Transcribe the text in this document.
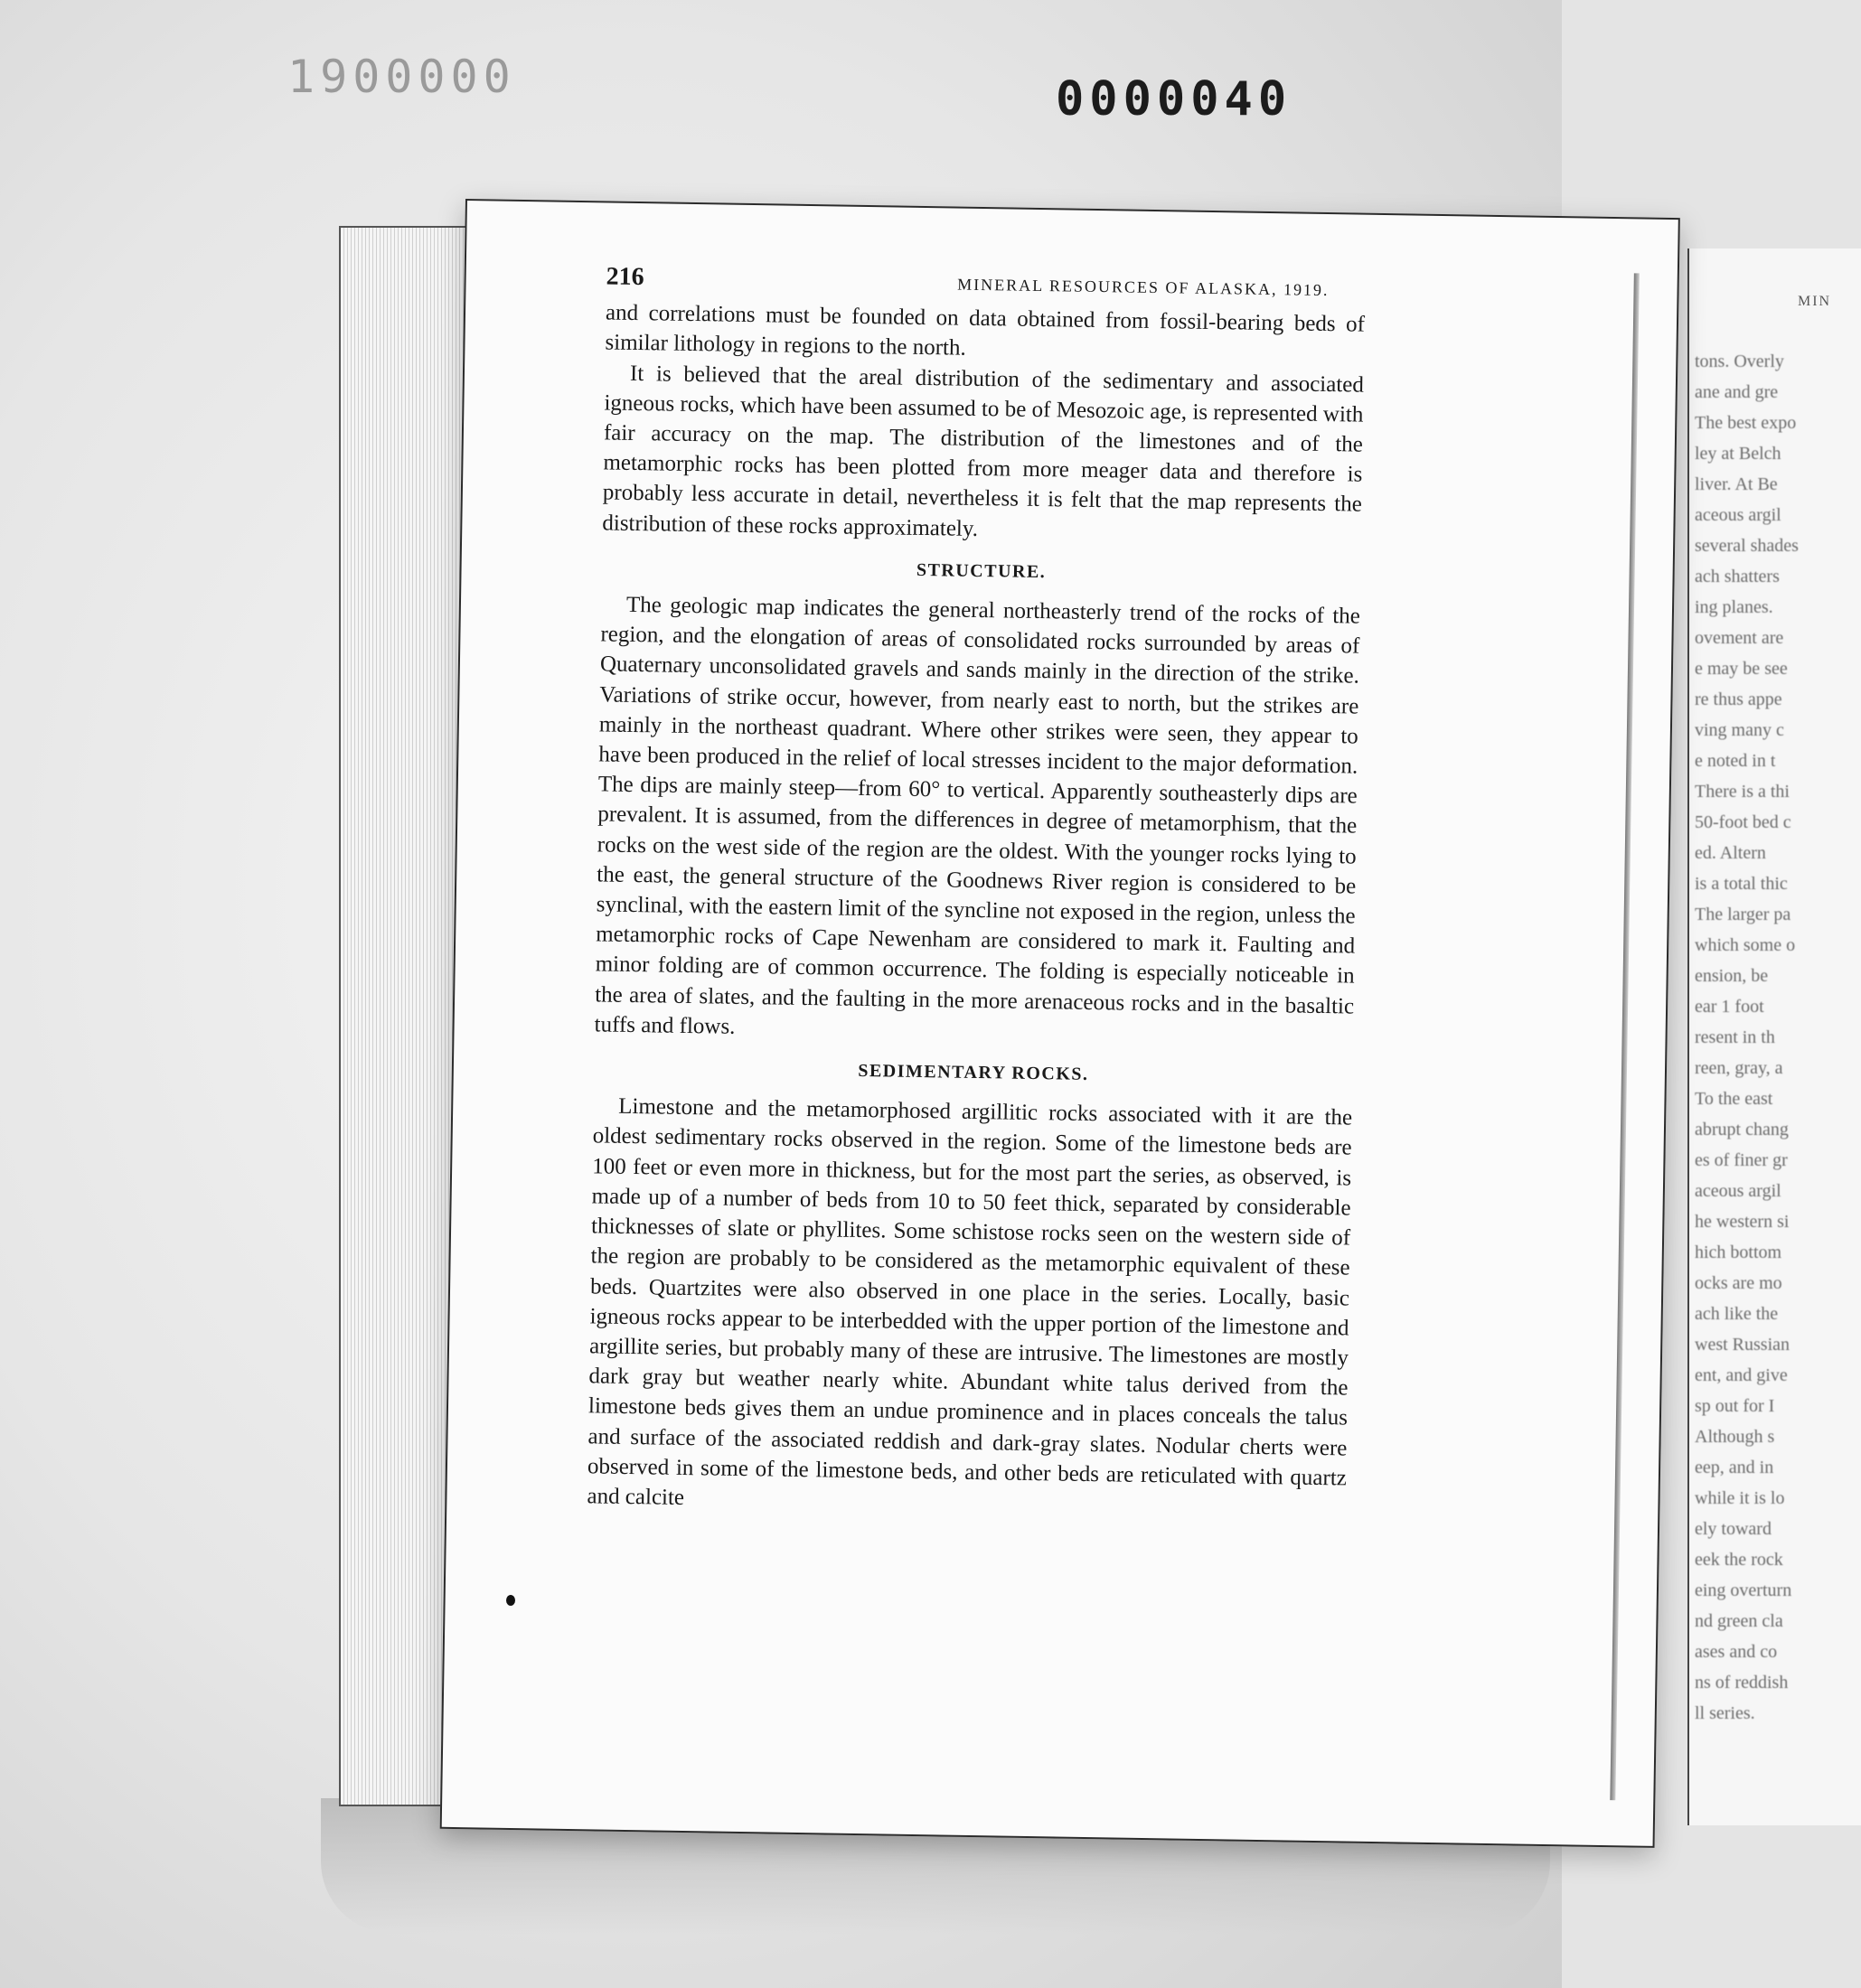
1900000	0000040
MIN
tons. Overly
ane and gre
The best expo
ley at Belch
liver. At Be
aceous argil
several shades
ach shatters
ing planes.
ovement are
e may be see
re thus appe
ving many c
e noted in t
There is a thi
50-foot bed c
ed. Altern
is a total thic
The larger pa
which some o
ension, be
ear 1 foot
resent in th
reen, gray, a
To the east
abrupt chang
es of finer gr
aceous argil
he western si
hich bottom
ocks are mo
ach like the
west Russian
ent, and give
sp out for I
Although s
eep, and in
while it is lo
ely toward
eek the rock
eing overturn
nd green cla
ases and co
ns of reddish
ll series.
216	MINERAL RESOURCES OF ALASKA, 1919.

and correlations must be founded on data obtained from fossil-bearing beds of similar lithology in regions to the north.

It is believed that the areal distribution of the sedimentary and associated igneous rocks, which have been assumed to be of Mesozoic age, is represented with fair accuracy on the map. The distribution of the limestones and of the metamorphic rocks has been plotted from more meager data and therefore is probably less accurate in detail, nevertheless it is felt that the map represents the distribution of these rocks approximately.

STRUCTURE.

The geologic map indicates the general northeasterly trend of the rocks of the region, and the elongation of areas of consolidated rocks surrounded by areas of Quaternary unconsolidated gravels and sands mainly in the direction of the strike. Variations of strike occur, however, from nearly east to north, but the strikes are mainly in the northeast quadrant. Where other strikes were seen, they appear to have been produced in the relief of local stresses incident to the major deformation. The dips are mainly steep—from 60° to vertical. Apparently southeasterly dips are prevalent. It is assumed, from the differences in degree of metamorphism, that the rocks on the west side of the region are the oldest. With the younger rocks lying to the east, the general structure of the Goodnews River region is considered to be synclinal, with the eastern limit of the syncline not exposed in the region, unless the metamorphic rocks of Cape Newenham are considered to mark it. Faulting and minor folding are of common occurrence. The folding is especially noticeable in the area of slates, and the faulting in the more arenaceous rocks and in the basaltic tuffs and flows.

SEDIMENTARY ROCKS.

Limestone and the metamorphosed argillitic rocks associated with it are the oldest sedimentary rocks observed in the region. Some of the limestone beds are 100 feet or even more in thickness, but for the most part the series, as observed, is made up of a number of beds from 10 to 50 feet thick, separated by considerable thicknesses of slate or phyllites. Some schistose rocks seen on the western side of the region are probably to be considered as the metamorphic equivalent of these beds. Quartzites were also observed in one place in the series. Locally, basic igneous rocks appear to be interbedded with the upper portion of the limestone and argillite series, but probably many of these are intrusive. The limestones are mostly dark gray but weather nearly white. Abundant white talus derived from the limestone beds gives them an undue prominence and in places conceals the talus and surface of the associated reddish and dark-gray slates. Nodular cherts were observed in some of the limestone beds, and other beds are reticulated with quartz and calcite
